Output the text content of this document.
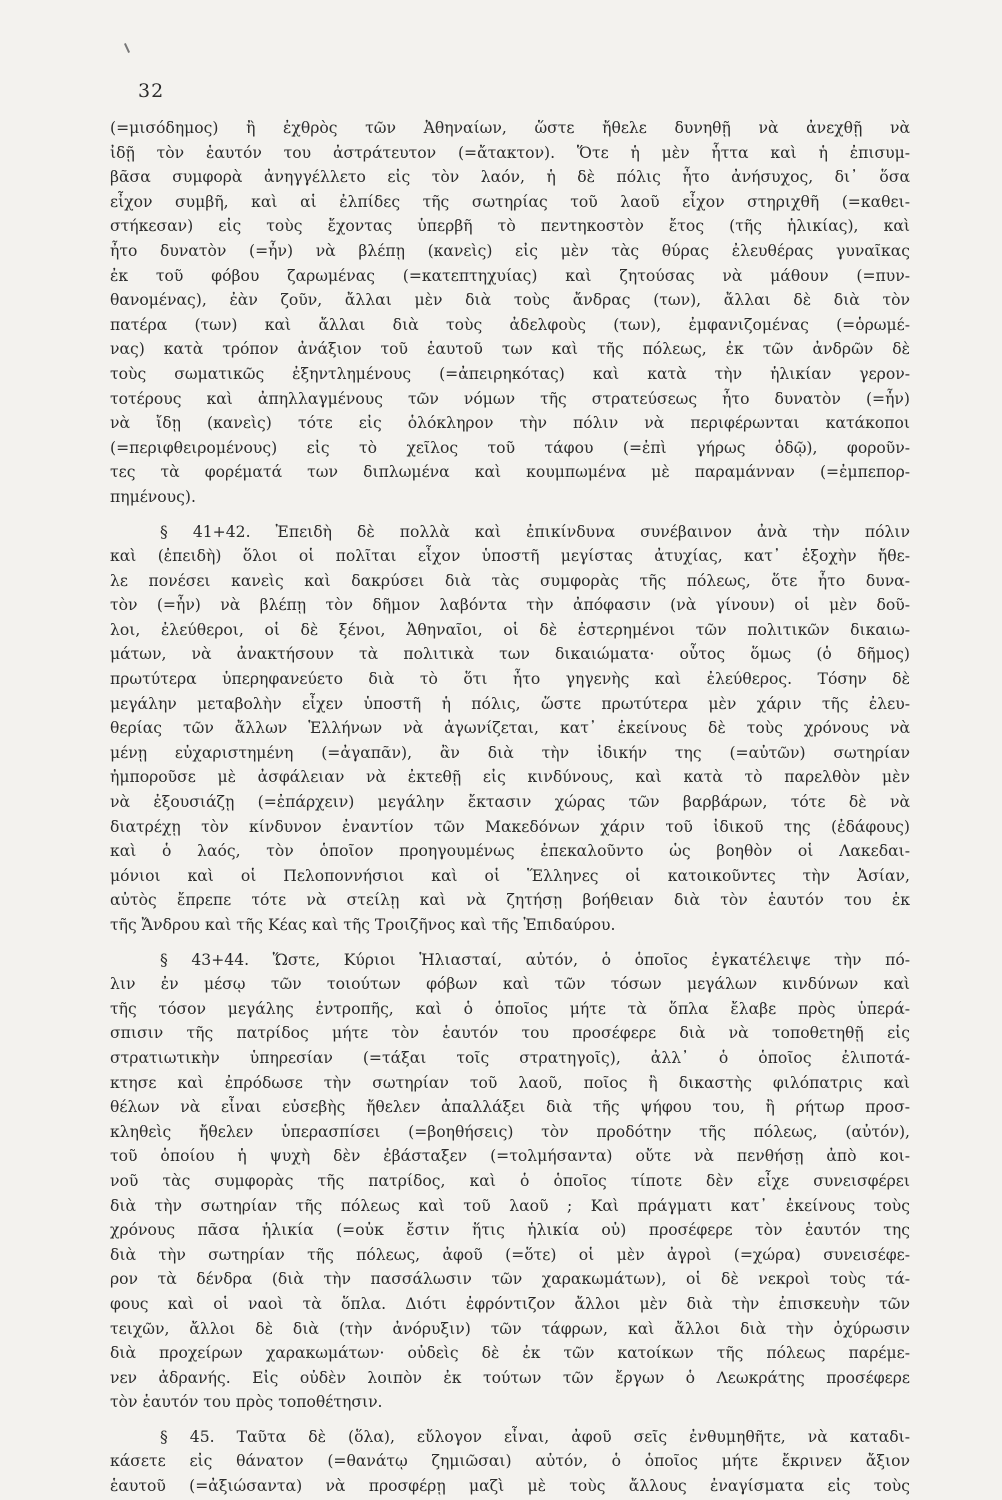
32
(=μισόδημος) ἢ ἐχθρὸς τῶν Ἀθηναίων, ὥστε ἤθελε δυνηθῇ νὰ ἀνεχθῇ νὰ
ἰδῇ τὸν ἑαυτόν του ἀστράτευτον (=ἄτακτον). Ὅτε ἡ μὲν ἧττα καὶ ἡ ἐπισυμ-
βᾶσα συμφορὰ ἀνηγγέλλετο εἰς τὸν λαόν, ἡ δὲ πόλις ἦτο ἀνήσυχος, δι᾽ ὅσα
εἶχον συμβῆ, καὶ αἱ ἐλπίδες τῆς σωτηρίας τοῦ λαοῦ εἶχον στηριχθῆ (=καθει-
στήκεσαν) εἰς τοὺς ἔχοντας ὑπερβῆ τὸ πεντηκοστὸν ἔτος (τῆς ἡλικίας), καὶ
ἦτο δυνατὸν (=ἦν) νὰ βλέπῃ (κανεὶς) εἰς μὲν τὰς θύρας ἐλευθέρας γυναῖκας
ἐκ τοῦ φόβου ζαρωμένας (=κατεπτηχυίας) καὶ ζητούσας νὰ μάθουν (=πυν-
θανομένας), ἐὰν ζοῦν, ἄλλαι μὲν διὰ τοὺς ἄνδρας (των), ἄλλαι δὲ διὰ τὸν
πατέρα (των) καὶ ἄλλαι διὰ τοὺς ἀδελφοὺς (των), ἐμφανιζομένας (=ὁρωμέ-
νας) κατὰ τρόπον ἀνάξιον τοῦ ἑαυτοῦ των καὶ τῆς πόλεως, ἐκ τῶν ἀνδρῶν δὲ
τοὺς σωματικῶς ἐξηντλημένους (=ἀπειρηκότας) καὶ κατὰ τὴν ἡλικίαν γερον-
τοτέρους καὶ ἀπηλλαγμένους τῶν νόμων τῆς στρατεύσεως ἦτο δυνατὸν (=ἦν)
νὰ ἴδῃ (κανεὶς) τότε εἰς ὁλόκληρον τὴν πόλιν νὰ περιφέρωνται κατάκοποι
(=περιφθειρομένους) εἰς τὸ χεῖλος τοῦ τάφου (=ἐπὶ γήρως ὁδῷ), φοροῦν-
τες τὰ φορέματά των διπλωμένα καὶ κουμπωμένα μὲ παραμάνναν (=ἐμπεπορ-
πημένους).
§ 41+42. Ἐπειδὴ δὲ πολλὰ καὶ ἐπικίνδυνα συνέβαινον ἀνὰ τὴν πόλιν
καὶ (ἐπειδὴ) ὅλοι οἱ πολῖται εἶχον ὑποστῆ μεγίστας ἀτυχίας, κατ᾽ ἐξοχὴν ἤθε-
λε πονέσει κανεὶς καὶ δακρύσει διὰ τὰς συμφορὰς τῆς πόλεως, ὅτε ἦτο δυνα-
τὸν (=ἦν) νὰ βλέπῃ τὸν δῆμον λαβόντα τὴν ἀπόφασιν (νὰ γίνουν) οἱ μὲν δοῦ-
λοι, ἐλεύθεροι, οἱ δὲ ξένοι, Ἀθηναῖοι, οἱ δὲ ἐστερημένοι τῶν πολιτικῶν δικαιω-
μάτων, νὰ ἀνακτήσουν τὰ πολιτικὰ των δικαιώματα· οὗτος ὅμως (ὁ δῆμος)
πρωτύτερα ὑπερηφανεύετο διὰ τὸ ὅτι ἦτο γηγενὴς καὶ ἐλεύθερος. Τόσην δὲ
μεγάλην μεταβολὴν εἶχεν ὑποστῆ ἡ πόλις, ὥστε πρωτύτερα μὲν χάριν τῆς ἐλευ-
θερίας τῶν ἄλλων Ἑλλήνων νὰ ἀγωνίζεται, κατ᾽ ἐκείνους δὲ τοὺς χρόνους νὰ
μένῃ εὐχαριστημένη (=ἀγαπᾶν), ἂν διὰ τὴν ἰδικήν της (=αὐτῶν) σωτηρίαν
ἠμποροῦσε μὲ ἀσφάλειαν νὰ ἐκτεθῇ εἰς κινδύνους, καὶ κατὰ τὸ παρελθὸν μὲν
νὰ ἐξουσιάζῃ (=ἐπάρχειν) μεγάλην ἔκτασιν χώρας τῶν βαρβάρων, τότε δὲ νὰ
διατρέχῃ τὸν κίνδυνον ἐναντίον τῶν Μακεδόνων χάριν τοῦ ἰδικοῦ της (ἐδάφους)
καὶ ὁ λαός, τὸν ὁποῖον προηγουμένως ἐπεκαλοῦντο ὡς βοηθὸν οἱ Λακεδαι-
μόνιοι καὶ οἱ Πελοποννήσιοι καὶ οἱ Ἕλληνες οἱ κατοικοῦντες τὴν Ἀσίαν,
αὐτὸς ἔπρεπε τότε νὰ στείλῃ καὶ νὰ ζητήσῃ βοήθειαν διὰ τὸν ἑαυτόν του ἐκ
τῆς Ἄνδρου καὶ τῆς Κέας καὶ τῆς Τροιζῆνος καὶ τῆς Ἐπιδαύρου.
§ 43+44. Ὥστε, Κύριοι Ἡλιασταί, αὐτόν, ὁ ὁποῖος ἐγκατέλειψε τὴν πό-
λιν ἐν μέσῳ τῶν τοιούτων φόβων καὶ τῶν τόσων μεγάλων κινδύνων καὶ
τῆς τόσον μεγάλης ἐντροπῆς, καὶ ὁ ὁποῖος μήτε τὰ ὅπλα ἔλαβε πρὸς ὑπερά-
σπισιν τῆς πατρίδος μήτε τὸν ἑαυτόν του προσέφερε διὰ νὰ τοποθετηθῇ εἰς
στρατιωτικὴν ὑπηρεσίαν (=τάξαι τοῖς στρατηγοῖς), ἀλλ᾽ ὁ ὁποῖος ἐλιποτά-
κτησε καὶ ἐπρόδωσε τὴν σωτηρίαν τοῦ λαοῦ, ποῖος ἢ δικαστὴς φιλόπατρις καὶ
θέλων νὰ εἶναι εὐσεβὴς ἤθελεν ἀπαλλάξει διὰ τῆς ψήφου του, ἢ ρήτωρ προσ-
κληθεὶς ἤθελεν ὑπερασπίσει (=βοηθήσεις) τὸν προδότην τῆς πόλεως, (αὐτόν),
τοῦ ὁποίου ἡ ψυχὴ δὲν ἐβάσταξεν (=τολμήσαντα) οὔτε νὰ πενθήσῃ ἀπὸ κοι-
νοῦ τὰς συμφορὰς τῆς πατρίδος, καὶ ὁ ὁποῖος τίποτε δὲν εἶχε συνεισφέρει
διὰ τὴν σωτηρίαν τῆς πόλεως καὶ τοῦ λαοῦ ; Καὶ πράγματι κατ᾽ ἐκείνους τοὺς
χρόνους πᾶσα ἡλικία (=οὐκ ἔστιν ἥτις ἡλικία οὐ) προσέφερε τὸν ἑαυτόν της
διὰ τὴν σωτηρίαν τῆς πόλεως, ἀφοῦ (=ὅτε) οἱ μὲν ἀγροὶ (=χώρα) συνεισέφε-
ρον τὰ δένδρα (διὰ τὴν πασσάλωσιν τῶν χαρακωμάτων), οἱ δὲ νεκροὶ τοὺς τά-
φους καὶ οἱ ναοὶ τὰ ὅπλα. Διότι ἐφρόντιζον ἄλλοι μὲν διὰ τὴν ἐπισκευὴν τῶν
τειχῶν, ἄλλοι δὲ διὰ (τὴν ἀνόρυξιν) τῶν τάφρων, καὶ ἄλλοι διὰ τὴν ὀχύρωσιν
διὰ προχείρων χαρακωμάτων· οὐδεὶς δὲ ἐκ τῶν κατοίκων τῆς πόλεως παρέμε-
νεν ἀδρανής. Εἰς οὐδὲν λοιπὸν ἐκ τούτων τῶν ἔργων ὁ Λεωκράτης προσέφερε
τὸν ἑαυτόν του πρὸς τοποθέτησιν.
§ 45. Ταῦτα δὲ (ὅλα), εὔλογον εἶναι, ἀφοῦ σεῖς ἐνθυμηθῆτε, νὰ καταδι-
κάσετε εἰς θάνατον (=θανάτῳ ζημιῶσαι) αὐτόν, ὁ ὁποῖος μήτε ἔκρινεν ἄξιον
ἑαυτοῦ (=ἀξιώσαντα) νὰ προσφέρῃ μαζὶ μὲ τοὺς ἄλλους ἐναγίσματα εἰς τοὺς
